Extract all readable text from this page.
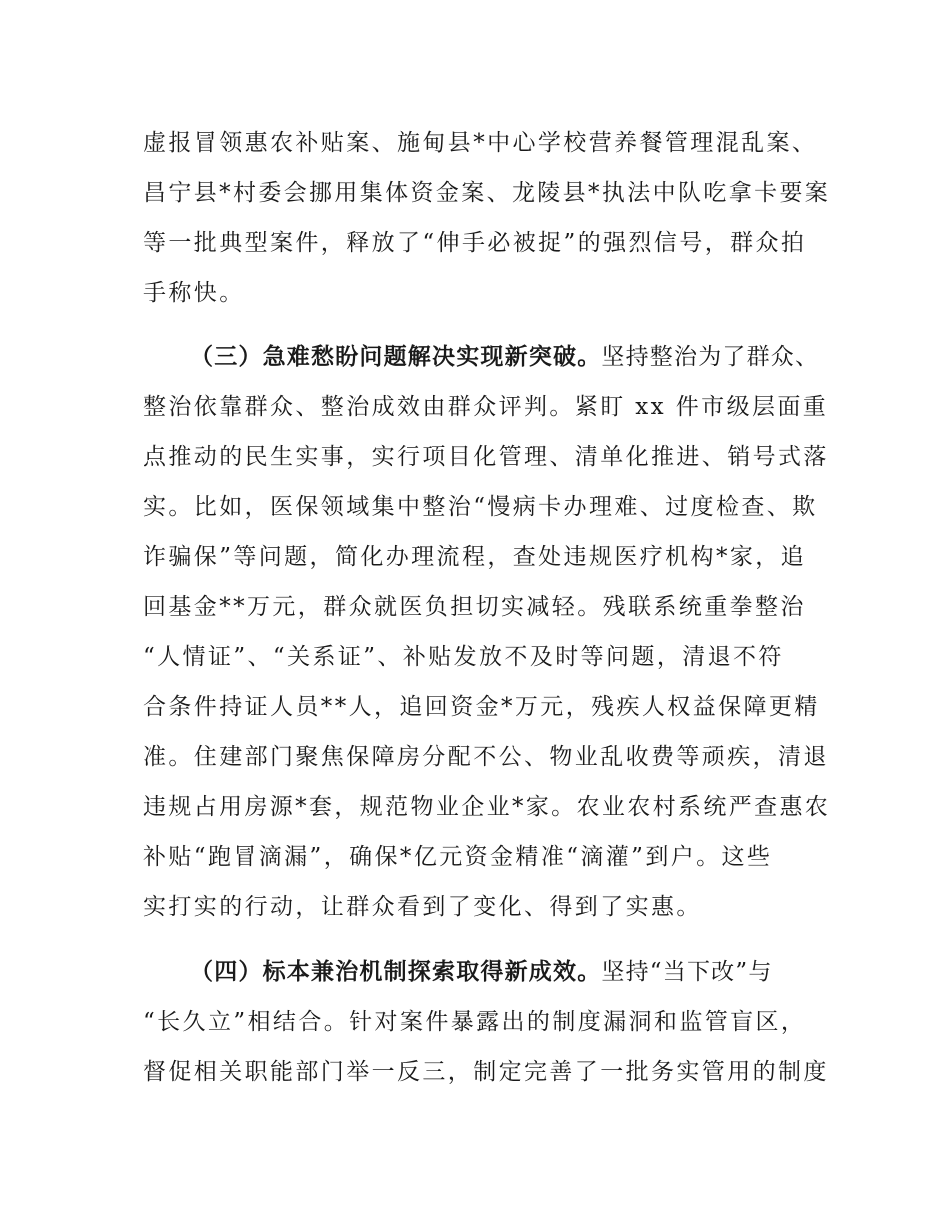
虚报冒领惠农补贴案、施甸县*中心学校营养餐管理混乱案、
昌宁县*村委会挪用集体资金案、龙陵县*执法中队吃拿卡要案
等一批典型案件，释放了“伸手必被捉”的强烈信号，群众拍
手称快。
（三）急难愁盼问题解决实现新突破。坚持整治为了群众、
整治依靠群众、整治成效由群众评判。紧盯 xx 件市级层面重
点推动的民生实事，实行项目化管理、清单化推进、销号式落
实。比如，医保领域集中整治“慢病卡办理难、过度检查、欺
诈骗保”等问题，简化办理流程，查处违规医疗机构*家，追
回基金**万元，群众就医负担切实减轻。残联系统重拳整治
“人情证”、“关系证”、补贴发放不及时等问题，清退不符
合条件持证人员**人，追回资金*万元，残疾人权益保障更精
准。住建部门聚焦保障房分配不公、物业乱收费等顽疾，清退
违规占用房源*套，规范物业企业*家。农业农村系统严查惠农
补贴“跑冒滴漏”，确保*亿元资金精准“滴灌”到户。这些
实打实的行动，让群众看到了变化、得到了实惠。
（四）标本兼治机制探索取得新成效。坚持“当下改”与
“长久立”相结合。针对案件暴露出的制度漏洞和监管盲区，
督促相关职能部门举一反三，制定完善了一批务实管用的制度
